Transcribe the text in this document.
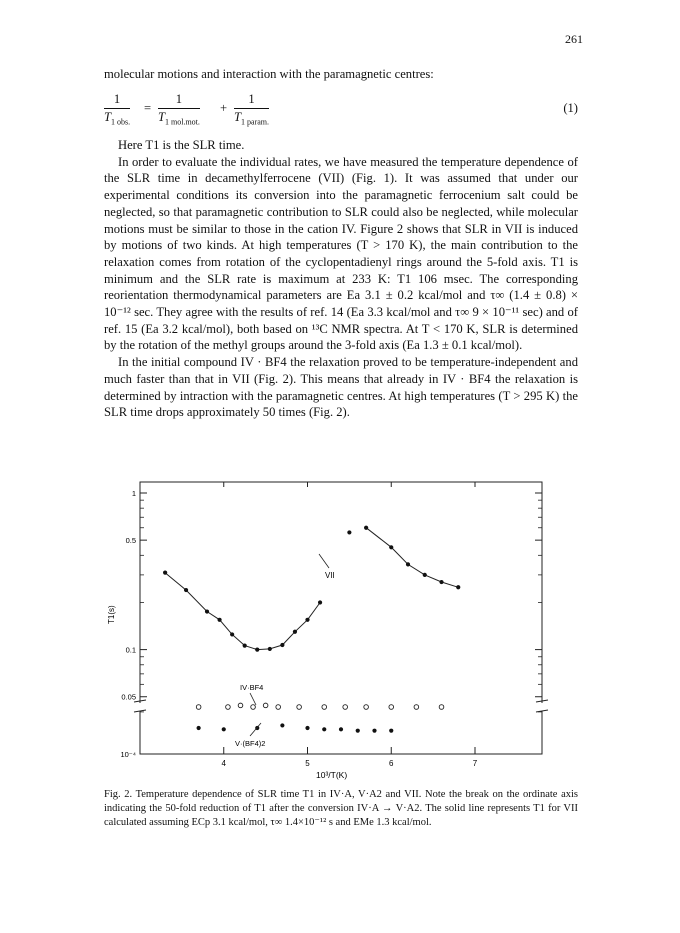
261
molecular motions and interaction with the paramagnetic centres:
1
$T_{1 obs.}$
=
1
$T_{1 mol.mot.}$
+
1
$T_{1 param.}$
(1)

Here T1 is the SLR time.

In order to evaluate the individual rates, we have measured the temperature dependence of the SLR time in decamethylferrocene (VII) (Fig. 1). It was assumed that under our experimental conditions its conversion into the paramagnetic ferrocenium salt could be neglected, so that paramagnetic contribution to SLR could also be neglected, while molecular motions must be similar to those in the cation IV. Figure 2 shows that SLR in VII is induced by motions of two kinds. At high temperatures (T > 170 K), the main contribution to the relaxation comes from rotation of the cyclopentadienyl rings around the 5-fold axis. T1 is minimum and the SLR rate is maximum at 233 K: T1 106 msec. The corresponding reorientation thermodynamical parameters are Ea 3.1 ± 0.2 kcal/mol and τ∞ (1.4 ± 0.8) × 10⁻¹² sec. They agree with the results of ref. 14 (Ea 3.3 kcal/mol and τ∞ 9 × 10⁻¹¹ sec) and of ref. 15 (Ea 3.2 kcal/mol), both based on ¹³C NMR spectra. At T < 170 K, SLR is determined by the rotation of the methyl groups around the 3-fold axis (Ea 1.3 ± 0.1 kcal/mol).

In the initial compound IV · BF4 the relaxation proved to be temperature-independent and much faster than that in VII (Fig. 2). This means that already in IV · BF4 the relaxation is determined by intraction with the paramagnetic centres. At high temperatures (T > 295 K) the SLR time drops approximately 50 times (Fig. 2).

1
0.5
0.1
0.05
10⁻⁴
4	5	6	7
T1(s)
10³/T(K)
VII
IV·BF4
V·(BF4)2
Fig. 2. Temperature dependence of SLR time T1 in IV·A, V·A2 and VII. Note the break on the ordinate axis indicating the 50-fold reduction of T1 after the conversion IV·A → V·A2. The solid line represents T1 for VII calculated assuming ECp 3.1 kcal/mol, τ∞ 1.4×10⁻¹² s and EMe 1.3 kcal/mol.
